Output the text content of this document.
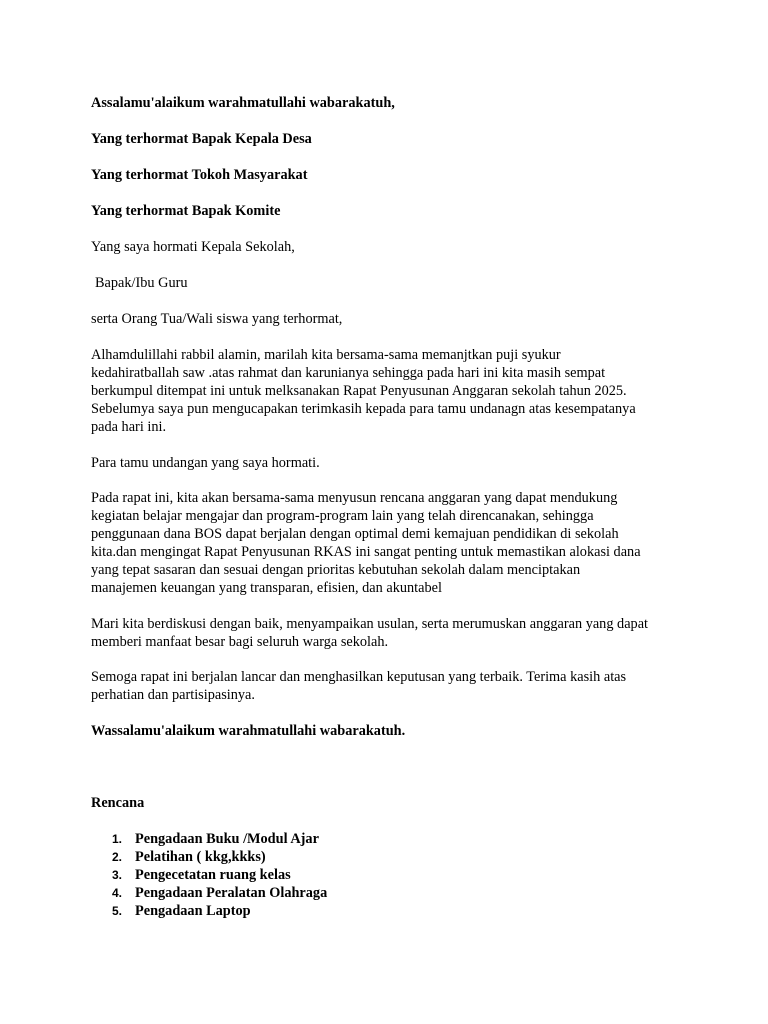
Assalamu'alaikum warahmatullahi wabarakatuh,

Yang terhormat Bapak Kepala Desa

Yang terhormat Tokoh Masyarakat

Yang terhormat Bapak Komite

Yang saya hormati Kepala Sekolah,

Bapak/Ibu Guru

serta Orang Tua/Wali siswa yang terhormat,

Alhamdulillahi rabbil alamin, marilah kita bersama-sama memanjtkan puji syukur

kedahiratballah saw .atas rahmat dan karunianya sehingga pada hari ini kita masih sempat

berkumpul ditempat ini untuk melksanakan Rapat Penyusunan Anggaran sekolah tahun 2025.

Sebelumya saya pun mengucapakan terimkasih kepada para tamu undanagn atas kesempatanya

pada hari ini.

Para tamu undangan yang saya hormati.

Pada rapat ini, kita akan bersama-sama menyusun rencana anggaran yang dapat mendukung

kegiatan belajar mengajar dan program-program lain yang telah direncanakan, sehingga

penggunaan dana BOS dapat berjalan dengan optimal demi kemajuan pendidikan di sekolah

kita.dan mengingat Rapat Penyusunan RKAS ini sangat penting untuk memastikan alokasi dana

yang tepat sasaran dan sesuai dengan prioritas kebutuhan sekolah dalam menciptakan

manajemen keuangan yang transparan, efisien, dan akuntabel

Mari kita berdiskusi dengan baik, menyampaikan usulan, serta merumuskan anggaran yang dapat

memberi manfaat besar bagi seluruh warga sekolah.

Semoga rapat ini berjalan lancar dan menghasilkan keputusan yang terbaik. Terima kasih atas

perhatian dan partisipasinya.

Wassalamu'alaikum warahmatullahi wabarakatuh.

Rencana

1. Pengadaan Buku /Modul Ajar
2. Pelatihan ( kkg,kkks)
3. Pengecetatan ruang kelas
4. Pengadaan Peralatan Olahraga
5. Pengadaan Laptop
